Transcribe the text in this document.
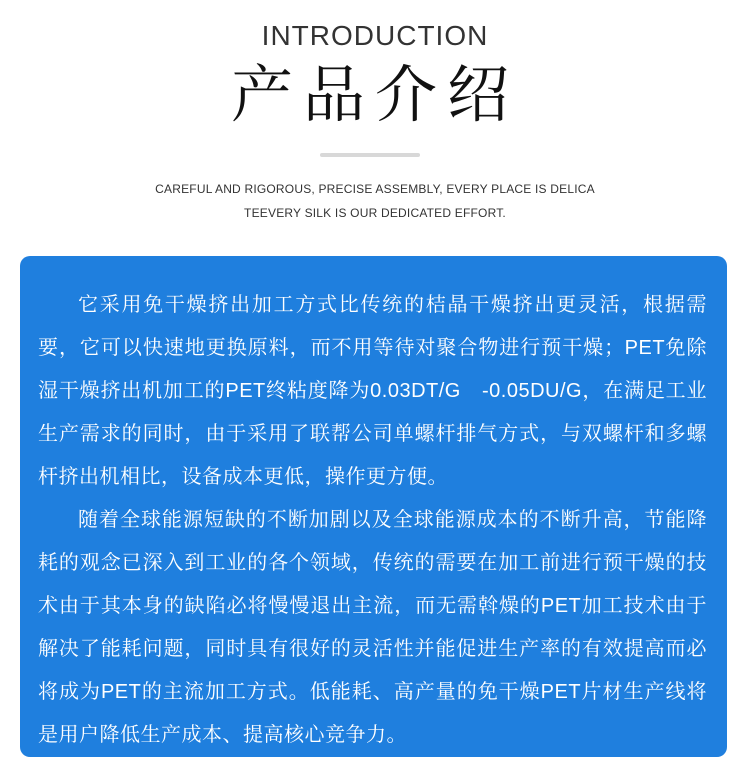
INTRODUCTION
产品介绍
CAREFUL AND RIGOROUS, PRECISE ASSEMBLY, EVERY PLACE IS DELICA
TEEVERY SILK IS OUR DEDICATED EFFORT.

它采用免干燥挤出加工方式比传统的桔晶干燥挤出更灵活，根据需要，它可以快速地更换原料，而不用等待对聚合物进行预干燥；PET免除湿干燥挤出机加工的PET终粘度降为0.03DT/G　-0.05DU/G，在满足工业生产需求的同时，由于采用了联帮公司单螺杆排气方式，与双螺杆和多螺杆挤出机相比，设备成本更低，操作更方便。

随着全球能源短缺的不断加剧以及全球能源成本的不断升高，节能降耗的观念已深入到工业的各个领域，传统的需要在加工前进行预干燥的技术由于其本身的缺陷必将慢慢退出主流，而无需斡燥的PET加工技术由于解决了能耗问题，同时具有很好的灵活性并能促进生产率的有效提高而必将成为PET的主流加工方式。低能耗、高产量的免干燥PET片材生产线将是用户降低生产成本、提高核心竞争力。
